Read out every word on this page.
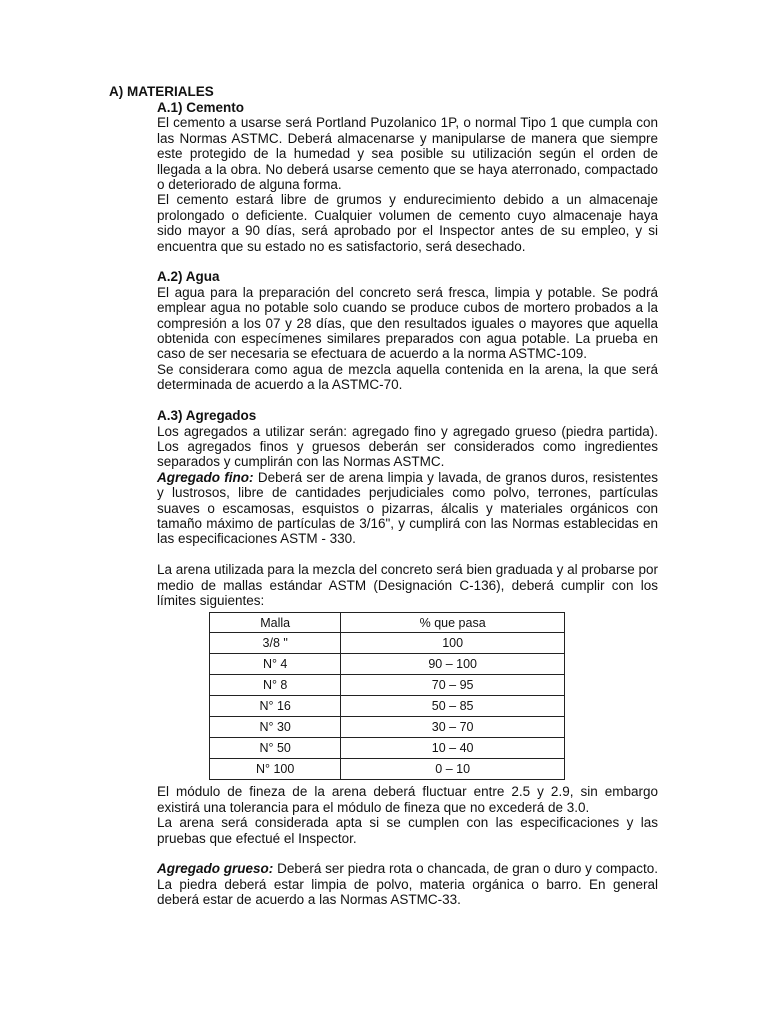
A) MATERIALES

A.1) Cemento

El cemento a usarse será Portland Puzolanico 1P, o normal Tipo 1 que cumpla con las Normas ASTMC. Deberá almacenarse y manipularse de manera que siempre este protegido de la humedad y sea posible su utilización según el orden de llegada a la obra. No deberá usarse cemento que se haya aterronado, compactado o deteriorado de alguna forma.

El cemento estará libre de grumos y endurecimiento debido a un almacenaje prolongado o deficiente. Cualquier volumen de cemento cuyo almacenaje haya sido mayor a 90 días, será aprobado por el Inspector antes de su empleo, y si encuentra que su estado no es satisfactorio, será desechado.

A.2) Agua

El agua para la preparación del concreto será fresca, limpia y potable. Se podrá emplear agua no potable solo cuando se produce cubos de mortero probados a la compresión a los 07 y 28 días, que den resultados iguales o mayores que aquella obtenida con especímenes similares preparados con agua potable. La prueba en caso de ser necesaria se efectuara de acuerdo a la norma ASTMC-109.

Se considerara como agua de mezcla aquella contenida en la arena, la que será determinada de acuerdo a la ASTMC-70.

A.3) Agregados

Los agregados a utilizar serán: agregado fino y agregado grueso (piedra partida). Los agregados finos y gruesos deberán ser considerados como ingredientes separados y cumplirán con las Normas ASTMC.

Agregado fino: Deberá ser de arena limpia y lavada, de granos duros, resistentes y lustrosos, libre de cantidades perjudiciales como polvo, terrones, partículas suaves o escamosas, esquistos o pizarras, álcalis y materiales orgánicos con tamaño máximo de partículas de 3/16", y cumplirá con las Normas establecidas en las especificaciones ASTM - 330.

La arena utilizada para la mezcla del concreto será bien graduada y al probarse por medio de mallas estándar ASTM (Designación C-136), deberá cumplir con los límites siguientes:

Malla	% que pasa
3/8 "	100
N° 4	90 – 100
N° 8	70 – 95
N° 16	50 – 85
N° 30	30 – 70
N° 50	10 – 40
N° 100	0 – 10

El módulo de fineza de la arena deberá fluctuar entre 2.5 y 2.9, sin embargo existirá una tolerancia para el módulo de fineza que no excederá de 3.0.

La arena será considerada apta si se cumplen con las especificaciones y las pruebas que efectué el Inspector.

Agregado grueso: Deberá ser piedra rota o chancada, de gran o duro y compacto. La piedra deberá estar limpia de polvo, materia orgánica o barro. En general deberá estar de acuerdo a las Normas ASTMC-33.
